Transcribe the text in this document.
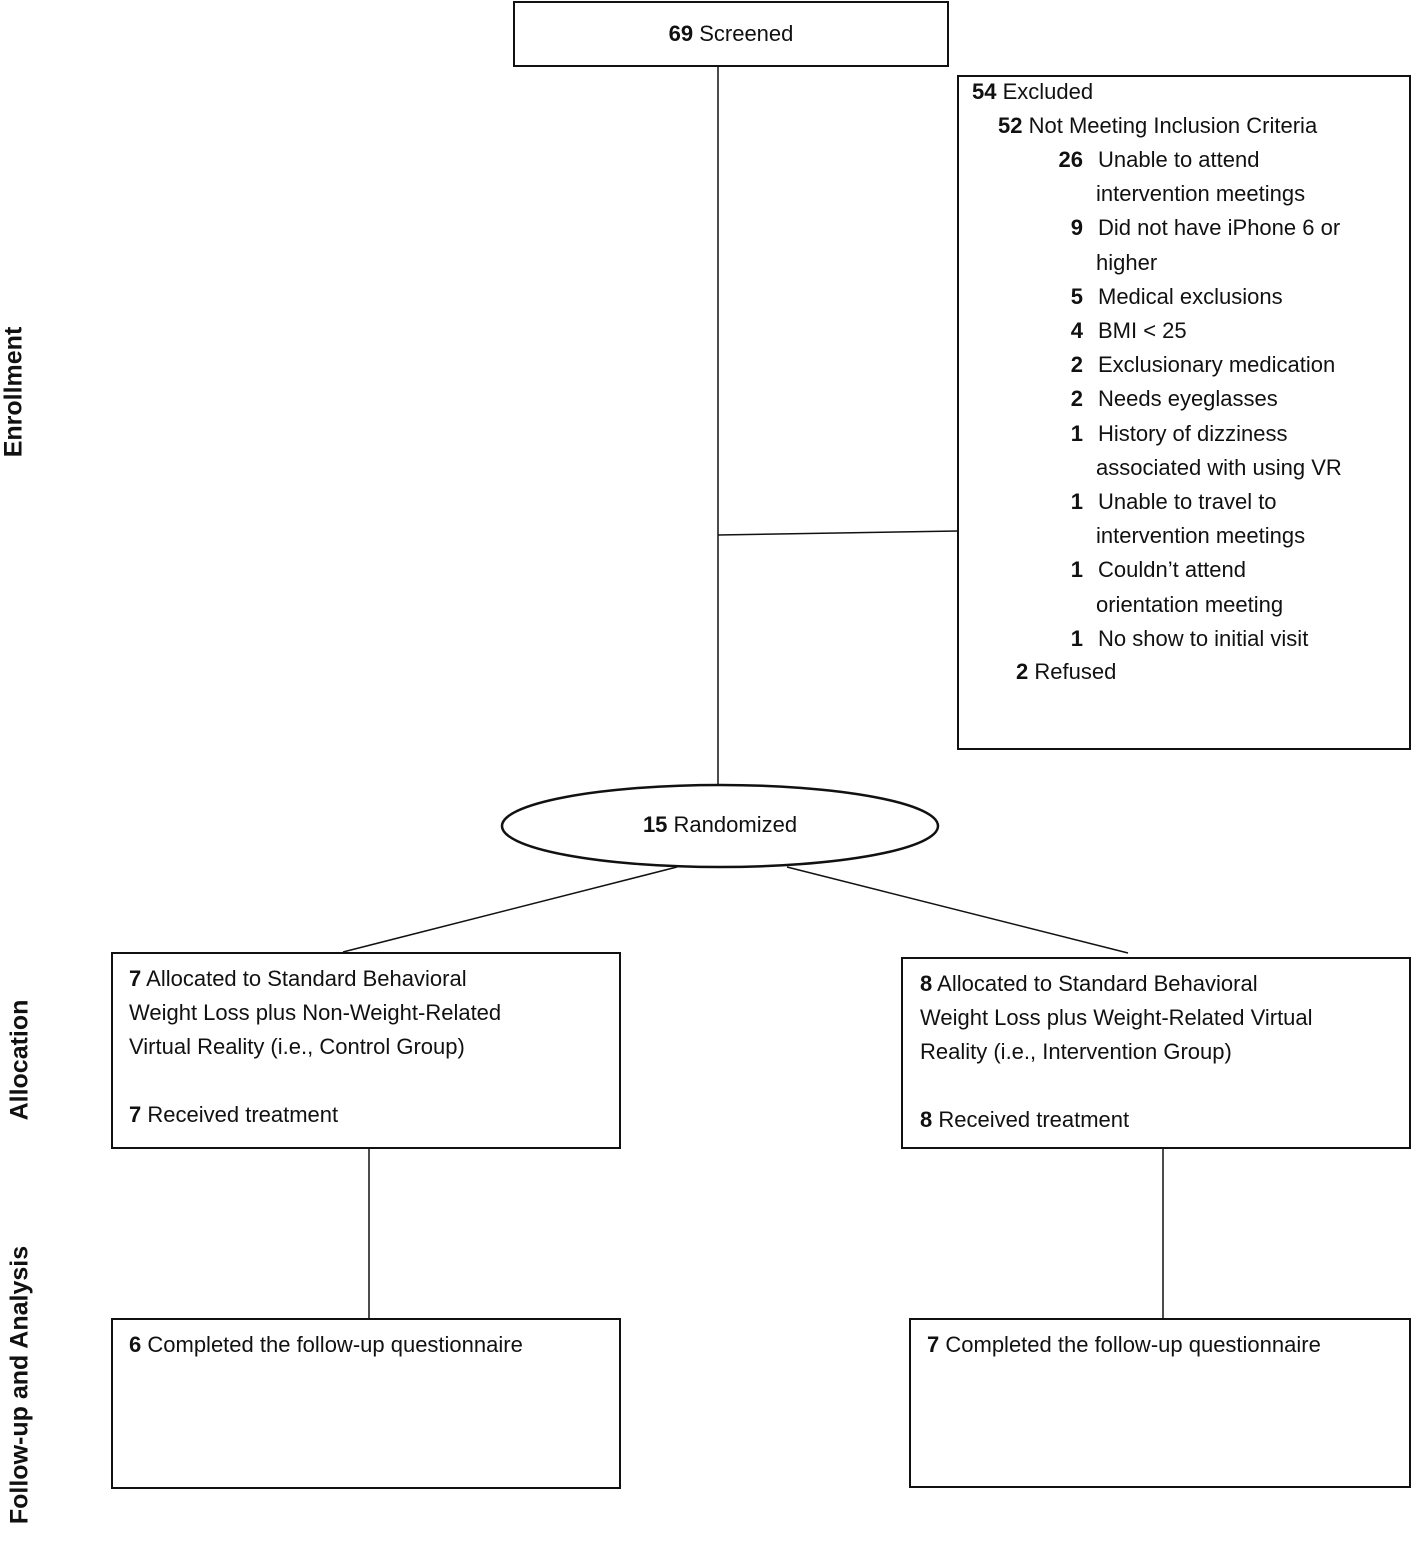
Enrollment
Allocation
Follow-up and Analysis
69 Screened
54 Excluded
52 Not Meeting Inclusion Criteria
26 Unable to attend
intervention meetings
9 Did not have iPhone 6 or
higher
5 Medical exclusions
4 BMI < 25
2 Exclusionary medication
2 Needs eyeglasses
1 History of dizziness
associated with using VR
1 Unable to travel to
intervention meetings
1 Couldn’t attend
orientation meeting
1 No show to initial visit
2 Refused
15 Randomized
7 Allocated to Standard Behavioral
Weight Loss plus Non-Weight-Related
Virtual Reality (i.e., Control Group)
7 Received treatment
8 Allocated to Standard Behavioral
Weight Loss plus Weight-Related Virtual
Reality (i.e., Intervention Group)
8 Received treatment
6 Completed the follow-up questionnaire	7 Completed the follow-up questionnaire
